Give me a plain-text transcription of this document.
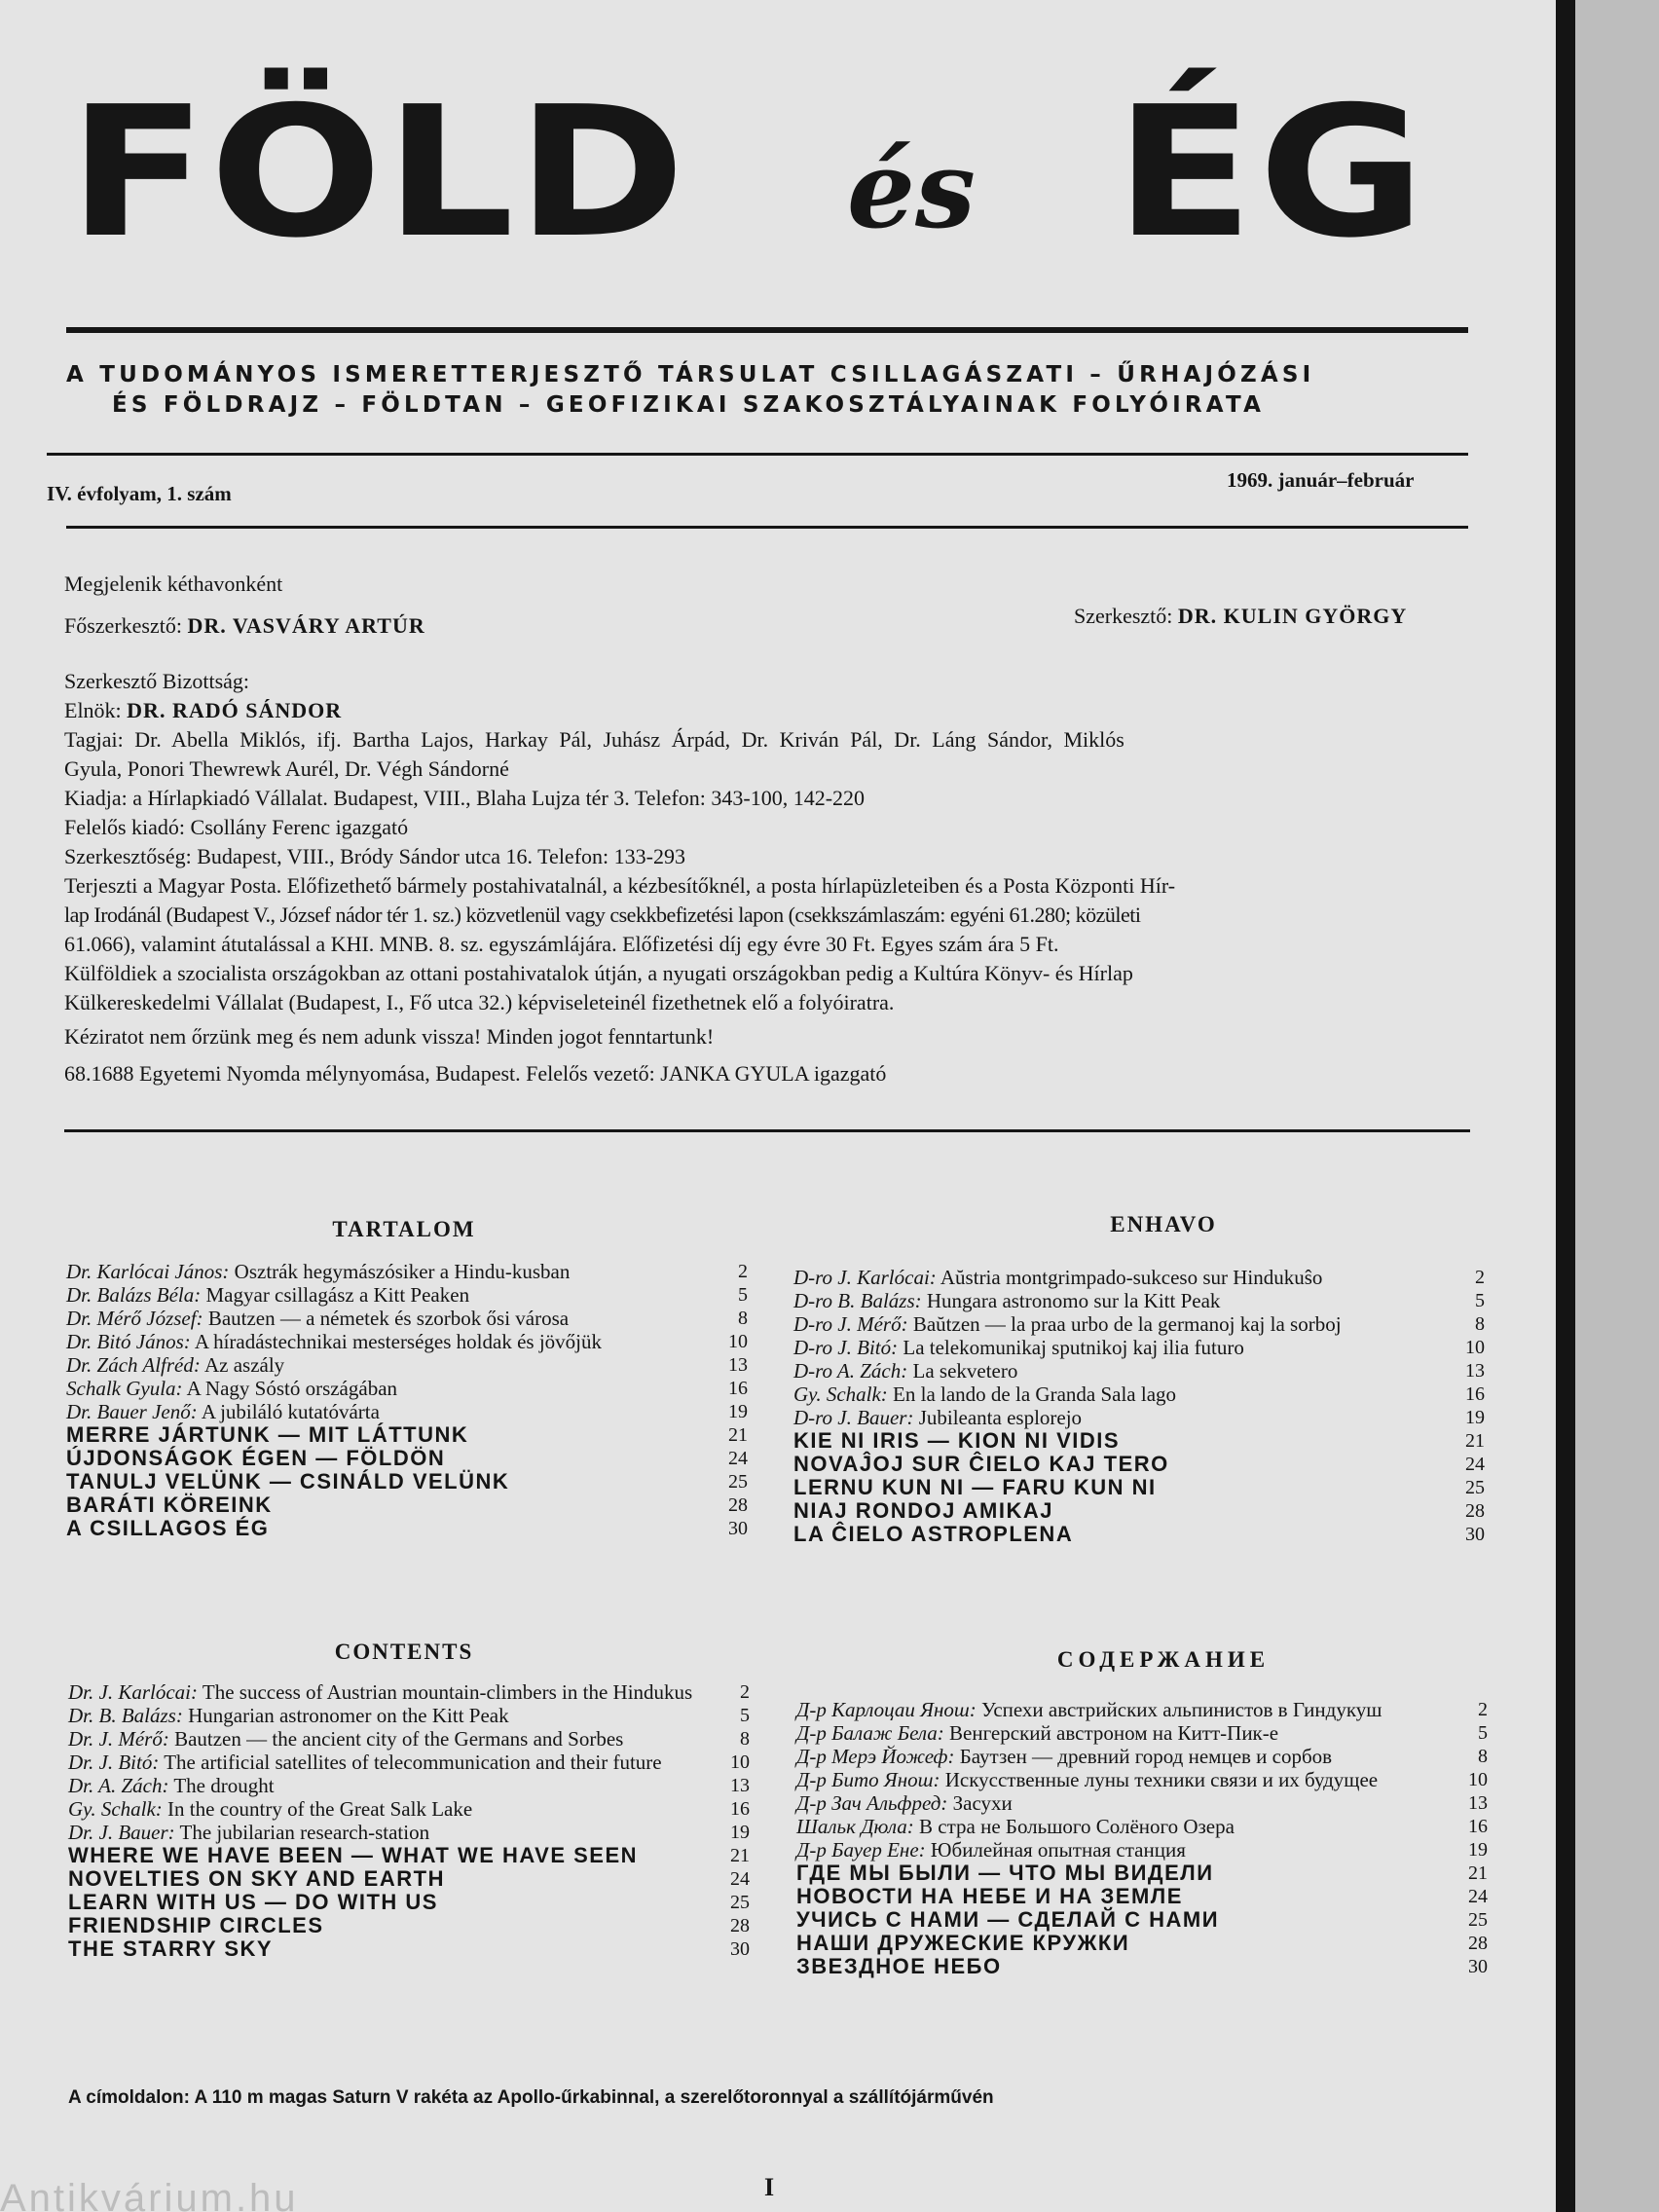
FÖLD és ÉG
A TUDOMÁNYOS ISMERETTERJESZTŐ TÁRSULAT CSILLAGÁSZATI – ŰRHAJÓZÁSI
ÉS FÖLDRAJZ – FÖLDTAN – GEOFIZIKAI SZAKOSZTÁLYAINAK FOLYÓIRATA
IV. évfolyam, 1. szám
1969. január–február
Megjelenik kéthavonként
Főszerkesztő: DR. VASVÁRY ARTÚR	Szerkesztő: DR. KULIN GYÖRGY
Szerkesztő Bizottság:
Elnök: DR. RADÓ SÁNDOR
Tagjai: Dr. Abella Miklós, ifj. Bartha Lajos, Harkay Pál, Juhász Árpád, Dr. Kriván Pál, Dr. Láng Sándor, Miklós
Gyula, Ponori Thewrewk Aurél, Dr. Végh Sándorné
Kiadja: a Hírlapkiadó Vállalat. Budapest, VIII., Blaha Lujza tér 3. Telefon: 343-100, 142-220
Felelős kiadó: Csollány Ferenc igazgató
Szerkesztőség: Budapest, VIII., Bródy Sándor utca 16. Telefon: 133-293
Terjeszti a Magyar Posta. Előfizethető bármely postahivatalnál, a kézbesítőknél, a posta hírlapüzleteiben és a Posta Központi Hír-
lap Irodánál (Budapest V., József nádor tér 1. sz.) közvetlenül vagy csekkbefizetési lapon (csekkszámlaszám: egyéni 61.280; közületi
61.066), valamint átutalással a KHI. MNB. 8. sz. egyszámlájára. Előfizetési díj egy évre 30 Ft. Egyes szám ára 5 Ft.
Külföldiek a szocialista országokban az ottani postahivatalok útján, a nyugati országokban pedig a Kultúra Könyv- és Hírlap
Külkereskedelmi Vállalat (Budapest, I., Fő utca 32.) képviseleteinél fizethetnek elő a folyóiratra.
Kéziratot nem őrzünk meg és nem adunk vissza! Minden jogot fenntartunk!
68.1688 Egyetemi Nyomda mélynyomása, Budapest. Felelős vezető: JANKA GYULA igazgató
TARTALOM
Dr. Karlócai János: Osztrák hegymászósiker a Hindu-kusban	2
Dr. Balázs Béla: Magyar csillagász a Kitt Peaken	5
Dr. Mérő József: Bautzen — a németek és szorbok ősi városa	8
Dr. Bitó János: A híradástechnikai mesterséges holdak és jövőjük	10
Dr. Zách Alfréd: Az aszály	13
Schalk Gyula: A Nagy Sóstó országában	16
Dr. Bauer Jenő: A jubiláló kutatóvárta	19
MERRE JÁRTUNK — MIT LÁTTUNK	21
ÚJDONSÁGOK ÉGEN — FÖLDÖN	24
TANULJ VELÜNK — CSINÁLD VELÜNK	25
BARÁTI KÖREINK	28
A CSILLAGOS ÉG	30
ENHAVO
D-ro J. Karlócai: Aŭstria montgrimpado-sukceso sur Hindukuŝo	2
D-ro B. Balázs: Hungara astronomo sur la Kitt Peak	5
D-ro J. Mérő: Baŭtzen — la praa urbo de la germanoj kaj la sorboj	8
D-ro J. Bitó: La telekomunikaj sputnikoj kaj ilia futuro	10
D-ro A. Zách: La sekvetero	13
Gy. Schalk: En la lando de la Granda Sala lago	16
D-ro J. Bauer: Jubileanta esplorejo	19
KIE NI IRIS — KION NI VIDIS	21
NOVAĴOJ SUR ĈIELO KAJ TERO	24
LERNU KUN NI — FARU KUN NI	25
NIAJ RONDOJ AMIKAJ	28
LA ĈIELO ASTROPLENA	30
CONTENTS
Dr. J. Karlócai: The success of Austrian mountain-climbers in the Hindukus	2
Dr. B. Balázs: Hungarian astronomer on the Kitt Peak	5
Dr. J. Mérő: Bautzen — the ancient city of the Germans and Sorbes	8
Dr. J. Bitó: The artificial satellites of telecommunication and their future	10
Dr. A. Zách: The drought	13
Gy. Schalk: In the country of the Great Salk Lake	16
Dr. J. Bauer: The jubilarian research-station	19
WHERE WE HAVE BEEN — WHAT WE HAVE SEEN	21
NOVELTIES ON SKY AND EARTH	24
LEARN WITH US — DO WITH US	25
FRIENDSHIP CIRCLES	28
THE STARRY SKY	30
СОДЕРЖАНИЕ
Д-р Карлоцаи Янош: Успехи австрийских альпинистов в Гиндукуш	2
Д-р Балаж Бела: Венгерский австроном на Китт-Пик-е	5
Д-р Мерэ Йожеф: Баутзен — древний город немцев и сорбов	8
Д-р Бито Янош: Искусственные луны техники связи и их будущее	10
Д-р Зач Альфред: Засухи	13
Шальк Дюла: В стра не Большого Солёного Озера	16
Д-р Бауер Ене: Юбилейная опытная станция	19
ГДЕ МЫ БЫЛИ — ЧТО МЫ ВИДЕЛИ	21
НОВОСТИ НА НЕБЕ И НА ЗЕМЛЕ	24
УЧИСЬ С НАМИ — СДЕЛАЙ С НАМИ	25
НАШИ ДРУЖЕСКИЕ КРУЖКИ	28
ЗВЕЗДНОЕ НЕБО	30
A címoldalon: A 110 m magas Saturn V rakéta az Apollo-űrkabinnal, a szerelőtoronnyal a szállítójárművén
I
Antikvárium.hu
